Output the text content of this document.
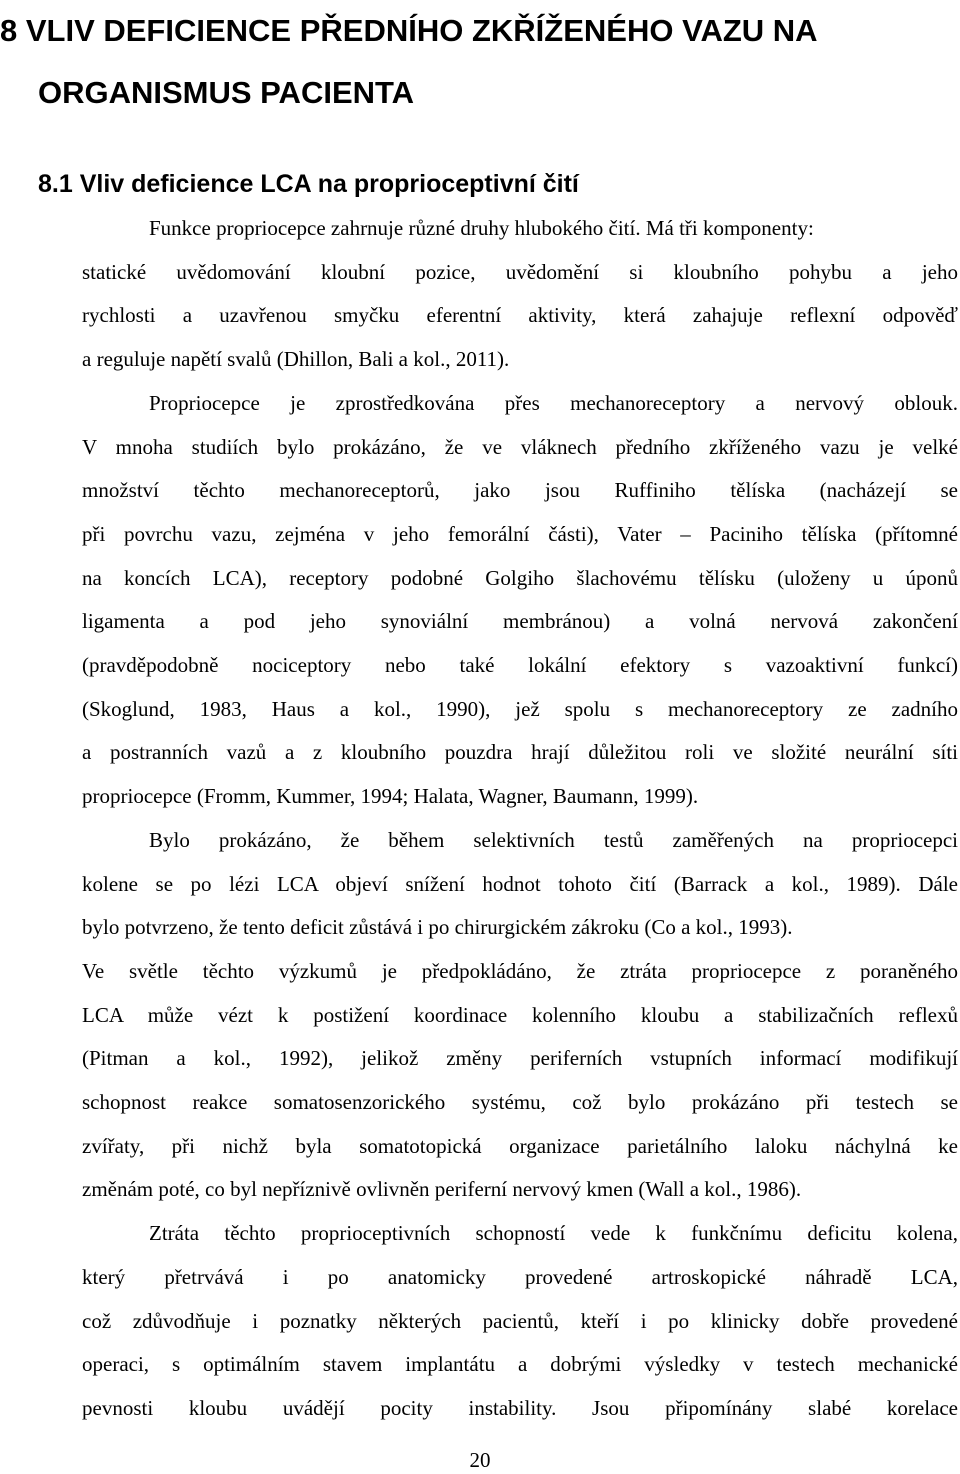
8 VLIV DEFICIENCE PŘEDNÍHO ZKŘÍŽENÉHO VAZU NA
ORGANISMUS PACIENTA
8.1 Vliv deficience LCA na proprioceptivní čití
Funkce propriocepce zahrnuje různé druhy hlubokého čití. Má tři komponenty:
statické uvědomování kloubní pozice, uvědomění si kloubního pohybu a jeho
rychlosti a uzavřenou smyčku eferentní aktivity, která zahajuje reflexní odpověď
a reguluje napětí svalů (Dhillon, Bali a kol., 2011).
Propriocepce je zprostředkována přes mechanoreceptory a nervový oblouk.
V mnoha studiích bylo prokázáno, že ve vláknech předního zkříženého vazu je velké
množství těchto mechanoreceptorů, jako jsou Ruffiniho tělíska (nacházejí se
při povrchu vazu, zejména v jeho femorální části), Vater – Paciniho tělíska (přítomné
na koncích LCA), receptory podobné Golgiho šlachovému tělísku (uloženy u úponů
ligamenta a pod jeho synoviální membránou) a volná nervová zakončení
(pravděpodobně nociceptory nebo také lokální efektory s vazoaktivní funkcí)
(Skoglund, 1983, Haus a kol., 1990), jež spolu s mechanoreceptory ze zadního
a postranních vazů a z kloubního pouzdra hrají důležitou roli ve složité neurální síti
propriocepce (Fromm, Kummer, 1994; Halata, Wagner, Baumann, 1999).
Bylo prokázáno, že během selektivních testů zaměřených na propriocepci
kolene se po lézi LCA objeví snížení hodnot tohoto čití (Barrack a kol., 1989). Dále
bylo potvrzeno, že tento deficit zůstává i po chirurgickém zákroku (Co a kol., 1993).
Ve světle těchto výzkumů je předpokládáno, že ztráta propriocepce z poraněného
LCA může vézt k postižení koordinace kolenního kloubu a stabilizačních reflexů
(Pitman a kol., 1992), jelikož změny periferních vstupních informací modifikují
schopnost reakce somatosenzorického systému, což bylo prokázáno při testech se
zvířaty, při nichž byla somatotopická organizace parietálního laloku náchylná ke
změnám poté, co byl nepříznivě ovlivněn periferní nervový kmen (Wall a kol., 1986).
Ztráta těchto proprioceptivních schopností vede k funkčnímu deficitu kolena,
který přetrvává i po anatomicky provedené artroskopické náhradě LCA,
což zdůvodňuje i poznatky některých pacientů, kteří i po klinicky dobře provedené
operaci, s optimálním stavem implantátu a dobrými výsledky v testech mechanické
pevnosti kloubu uvádějí pocity instability. Jsou připomínány slabé korelace
20
